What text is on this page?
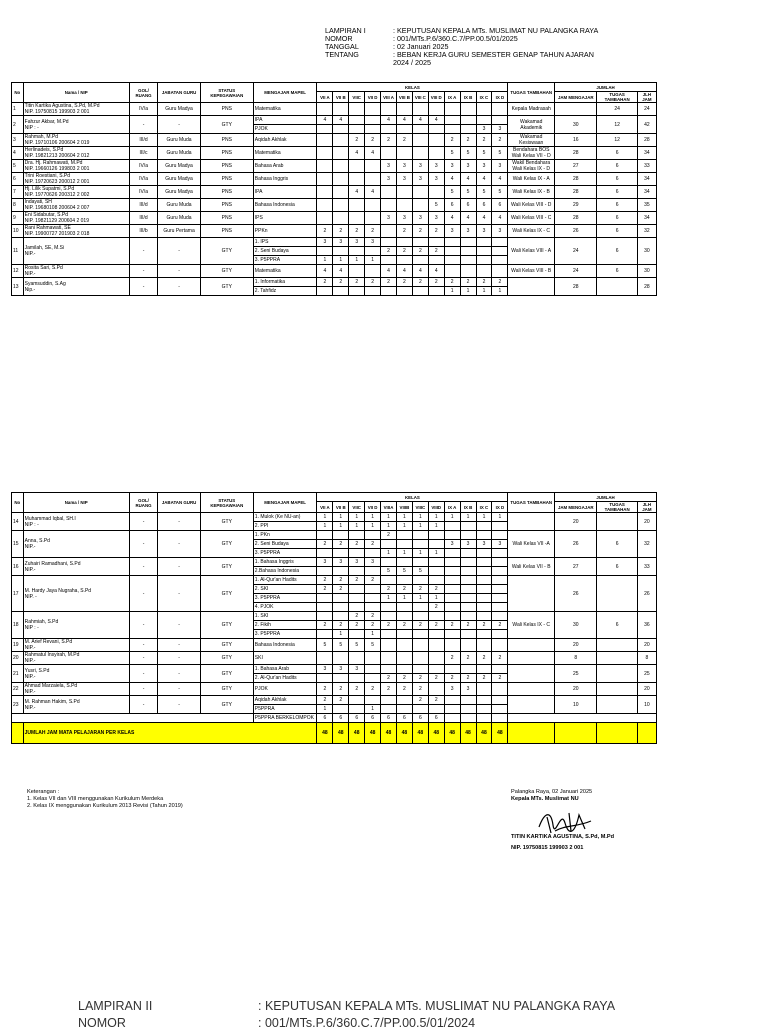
LAMPIRAN I	: KEPUTUSAN KEPALA MTs. MUSLIMAT NU PALANGKA RAYA
NOMOR	: 001/MTs.P.6/360.C.7/PP.00.5/01/2025
TANGGAL	: 02 Januari 2025
TENTANG	: BEBAN KERJA GURU SEMESTER GENAP TAHUN AJARAN
2024 / 2025
No	Nama / NIP	GOL/ RUANG	JABATAN GURU	STATUS KEPEGAWAIAN	MENGAJAR MAPEL	KELAS												TUGAS TAMBAHAN	JUMLAH		
						VII A	VII B	VIIC	VII D	VIII A	VIII B	VIII C	VIII D	IX A	IX B	IX C	IX D		JAM MENGAJAR	TUGAS TAMBAHAN	JLH JAM
1	Titin Kartika Agustina, S.Pd, M.Pd
NIP. 19750815 199903 2 001	IV/a	Guru Madya	PNS	Matematika													Kepala Madrasah		24	24

2	Fahzur Akbar, M.Pd
NIP : -	-	-	GTY	IPA	4	4			4	4	4	4					Wakamad Akademik	30	12	42
					PJOK											3	3				
3	Rahmah, M.Pd
NIP. 19710106 200604 2 019	III/d	Guru Muda	PNS	Aqidah Akhlak			2	2	2	2			2	2	2	2	Wakamad Kesiswaan	16	12	28

4	Herlinadeis, S.Pd
NIP. 19821213 200604 2 012	III/c	Guru Muda	PNS	Matematika			4	4					5	5	5	5	Bendahara BOS Wali Kelas VII - D	28	6	34

5	Dra. Hj. Rahmawati, M.Pd
NIP. 19660126 199803 2 001	IV/a	Guru Madya	PNS	Bahasa Arab					3	3	3	3	3	3	3	3	Wakil Bendahara Wali Kelas IX - D	27	6	33

6	Trini Roestiani, S.Pd
NIP. 19720623 200012 2 001	IV/a	Guru Madya	PNS	Bahasa Inggris					3	3	3	3	4	4	4	4	Wali Kelas IX - A	28	6	34

7	Hj. Lilik Supatmi, S.Pd
NIP. 19770626 200312 2 002	IV/a	Guru Madya	PNS	IPA			4	4					5	5	5	5	Wali Kelas IX - B	28	6	34

8	Indayati, SH
NIP. 19680108 200604 2 007	III/d	Guru Muda	PNS	Bahasa Indonesia								5	6	6	6	6	Wali Kelas VIII - D	29	6	35

9	Eni Sidabutar, S.Pd
NIP. 19821129 200604 2 019	III/d	Guru Muda	PNS	IPS					3	3	3	3	4	4	4	4	Wali Kelas VIII - C	28	6	34

10	Rani Rahmawati, SE
NIP. 19900727 201903 2 018	III/b	Guru Pertama	PNS	PPKn	2	2	2	2		2	2	2	3	3	3	3	Wali Kelas IX - C	26	6	32

11	Jamilah, SE, M.Si
NIP.-	-	-	GTY	1. IPS	3	3	3	3									Wali Kelas VIII - A	24	6	30
					2. Seni Budaya					2	2	2	2								
					3. P5PPRA	1	1	1	1												
12	Rosita Sari, S.Pd
NIP.-	-	-	GTY	Matematika	4	4			4	4	4	4					Wali Kelas VIII - B	24	6	30

13	Syamsuddin, S.Ag
Nip.-	-	-	GTY	1. Informatika	2	2	2	2	2	2	2	2	2	2	2	2		28		28
					2. Tahfidz									1	1	1	1				
No	Nama / NIP	GOL/ RUANG	JABATAN GURU	STATUS KEPEGAWAIAN	MENGAJAR MAPEL	KELAS												TUGAS TAMBAHAN	JUMLAH		
						VII A	VII B	VIIC	VII D	VIIIA	VIIIB	VIIIC	VIIID	IX A	IX B	IX C	IX D		JAM MENGAJAR	TUGAS TAMBAHAN	JLH JAM
14	Muhammad Iqbal, SH.I
NIP : -	-	-	GTY	1. Mulok (Ke NU-an)	1	1	1	1	1	1	1	1	1	1	1	1		20		20
					2. PPI	1	1	1	1	1	1	1	1								
15	Anna, S.Pd
NIP.-	-	-	GTY	1. PKn					2								Wali Kelas VII -A	26	6	32
					2. Seni Budaya	2	2	2	2					3	3	3	3				
					3. P5PPRA					1	1	1	1								
16	Zuhairi Ramadhani, S.Pd
NIP.-	-	-	GTY	1. Bahasa Inggris	3	3	3	3									Wali Kelas VII - B	27	6	33
					2.Bahasa Indonesia					5	5	5									
17	M. Hardy Jaya Nugraha, S.Pd
NIP. -	-	-	GTY	1. Al-Qur'an Hadits	2	2	2	2										26		26
					2. SKI	2	2			2	2	2	2								
					3. P5PPRA					1	1	1	1								
					4. PJOK								2								
18	Rahmiah, S.Pd
NIP : -	-	-	GTY	1. SKI			2	2									Wali Kelas IX - C	30	6	36
					2. Fikih	2	2	2	2	2	2	2	2	2	2	2	2				
					3. P5PPRA		1		1												
19	M. Arief Revani, S.Pd
NIP.-	-	-	GTY	Bahasa Indonesia	5	5	5	5										20		20

20	Rahmatul Insyirah, M.Pd
NIP.-	-	-	GTY	SKI									2	2	2	2		8		8

21	Yusri, S.Pd
NIP.-	-	-	GTY	1. Bahasa Arab	3	3	3											25		25
					2. Al-Qur'an Hadits					2	2	2	2	2	2	2	2				
22	Ahmad Marzaiela, S.Pd
NIP.-	-	-	GTY	PJOK	2	2	2	2	2	2	2		3	3				20		20

23	M. Rahman Hakim, S.Pd
NIP.-	-	-	GTY	Aqidah Akhlak	2	2					2	2						10		10
					P5PPRA	1			1												
					P5PPRA BERKELOMPOK	6	6	6	6	6	6	6	6								
	JUMLAH JAM MATA PELAJARAN PER KELAS					48	48	48	48	48	48	48	48	48	48	48	48				
Keterangan :
1. Kelas VII dan VIII menggunakan Kurikulum Merdeka
2. Kelas IX menggunakan Kurikulum 2013 Revisi (Tahun 2019)
Palangka Raya, 02 Januari 2025
Kepala MTs. Muslimat NU
TITIN KARTIKA AGUSTINA, S.Pd, M.Pd
NIP. 19750815 199903 2 001
LAMPIRAN II	: KEPUTUSAN KEPALA MTs. MUSLIMAT NU PALANGKA RAYA
NOMOR	: 001/MTs.P.6/360.C.7/PP.00.5/01/2024
